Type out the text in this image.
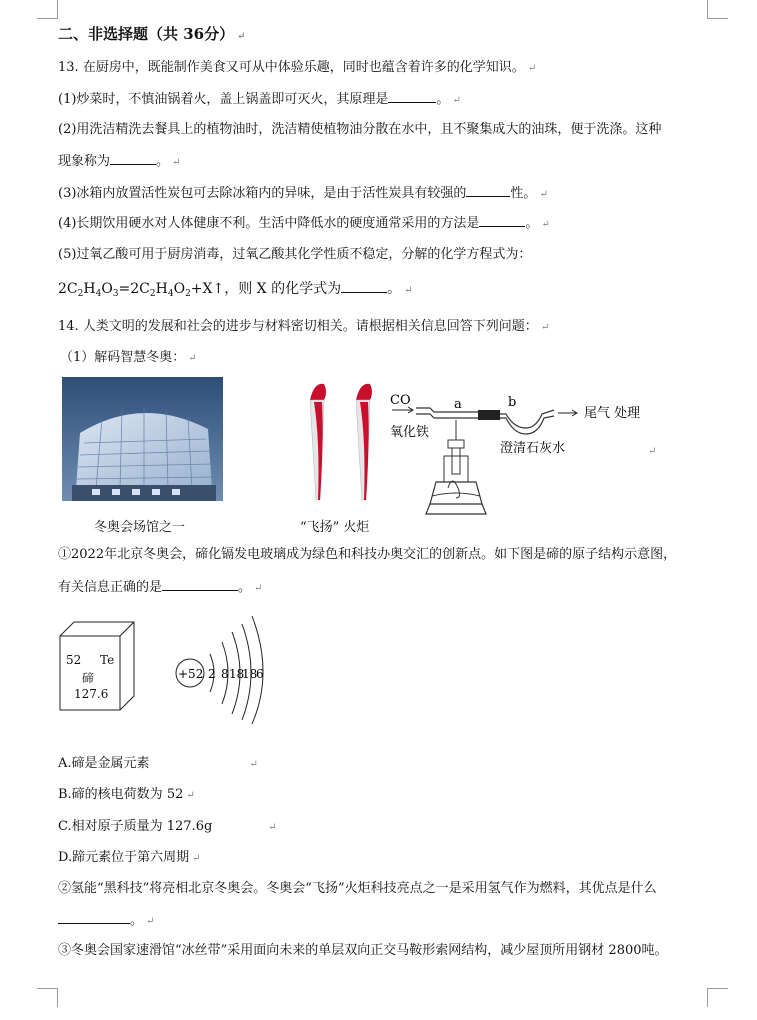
二、非选择题（共 36分） ↵
13. 在厨房中，既能制作美食又可从中体验乐趣，同时也蕴含着许多的化学知识。 ↵
(1)炒菜时，不慎油锅着火，盖上锅盖即可灭火，其原理是	。 ↵
(2)用洗洁精洗去餐具上的植物油时，洗洁精使植物油分散在水中，且不聚集成大的油珠，便于洗涤。这种
现象称为	。 ↵
(3)冰箱内放置活性炭包可去除冰箱内的异味，是由于活性炭具有较强的	性。 ↵
(4)长期饮用硬水对人体健康不利。生活中降低水的硬度通常采用的方法是	。 ↵
(5)过氧乙酸可用于厨房消毒，过氧乙酸其化学性质不稳定，分解的化学方程式为：
$2C_2H_4O_3=2C_2H_4O_2+X↑$，则 X 的化学式为	。 ↵
14. 人类文明的发展和社会的进步与材料密切相关。请根据相关信息回答下列问题： ↵
（1）解码智慧冬奥： ↵
冬奥会场馆之一	“飞扬” 火炬
CO	a	b
尾气 处理
氧化铁
澄清石灰水	↵
①2022年北京冬奥会，碲化镉发电玻璃成为绿色和科技办奥交汇的创新点。如下图是碲的原子结构示意图，
有关信息正确的是	。 ↵
52 Te
碲
127.6
+52 2 8 18
18
6
A.碲是金属元素	↵
B.碲的核电荷数为 52 ↵
C.相对原子质量为 127.6g	↵
D.蹄元素位于第六周期 ↵
②氢能“黑科技”将亮相北京冬奥会。冬奥会“飞扬”火炬科技亮点之一是采用氢气作为燃料，其优点是什么
。 ↵
③冬奥会国家速滑馆“冰丝带”采用面向未来的单层双向正交马鞍形索网结构，减少屋顶所用钢材 2800吨。
